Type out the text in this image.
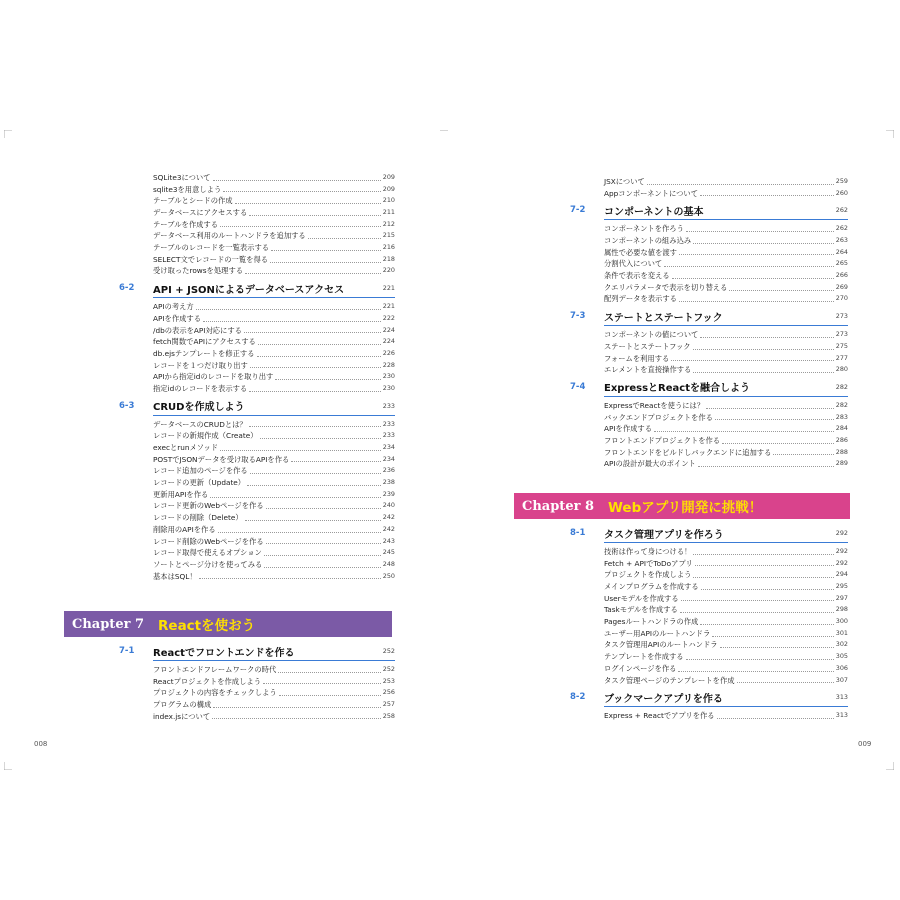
SQLite3について	209
sqlite3を用意しよう	209
テーブルとシードの作成	210
データベースにアクセスする	211
テーブルを作成する	212
データベース利用のルートハンドラを追加する	215
テーブルのレコードを一覧表示する	216
SELECT文でレコードの一覧を得る	218
受け取ったrowsを処理する	220
6-2	API + JSONによるデータベースアクセス	221
APIの考え方	221
APIを作成する	222
/dbの表示をAPI対応にする	224
fetch関数でAPIにアクセスする	224
db.ejsテンプレートを修正する	226
レコードを１つだけ取り出す	228
APIから指定idのレコードを取り出す	230
指定idのレコードを表示する	230
6-3	CRUDを作成しよう	233
データベースのCRUDとは？	233
レコードの新規作成（Create）	233
execとrunメソッド	234
POSTでJSONデータを受け取るAPIを作る	234
レコード追加のページを作る	236
レコードの更新（Update）	238
更新用APIを作る	239
レコード更新のWebページを作る	240
レコードの削除（Delete）	242
削除用のAPIを作る	242
レコード削除のWebページを作る	243
レコード取得で使えるオプション	245
ソートとページ分けを使ってみる	248
基本はSQL！	250
Chapter 7	Reactを使おう
7-1	Reactでフロントエンドを作る	252
フロントエンドフレームワークの時代	252
Reactプロジェクトを作成しよう	253
プロジェクトの内容をチェックしよう	256
プログラムの構成	257
index.jsについて	258
008
JSXについて	259
Appコンポーネントについて	260
7-2	コンポーネントの基本	262
コンポーネントを作ろう	262
コンポーネントの組み込み	263
属性で必要な値を渡す	264
分割代入について	265
条件で表示を変える	266
クエリパラメータで表示を切り替える	269
配列データを表示する	270
7-3	ステートとステートフック	273
コンポーネントの値について	273
ステートとステートフック	275
フォームを利用する	277
エレメントを直接操作する	280
7-4	ExpressとReactを融合しよう	282
ExpressでReactを使うには？	282
バックエンドプロジェクトを作る	283
APIを作成する	284
フロントエンドプロジェクトを作る	286
フロントエンドをビルドしバックエンドに追加する	288
APIの設計が最大のポイント	289
Chapter 8	Webアプリ開発に挑戦！
8-1	タスク管理アプリを作ろう	292
技術は作って身につける！	292
Fetch + APIでToDoアプリ	292
プロジェクトを作成しよう	294
メインプログラムを作成する	295
Userモデルを作成する	297
Taskモデルを作成する	298
Pagesルートハンドラの作成	300
ユーザー用APIのルートハンドラ	301
タスク管理用APIのルートハンドラ	302
テンプレートを作成する	305
ログインページを作る	306
タスク管理ページのテンプレートを作成	307
8-2	ブックマークアプリを作る	313
Express + Reactでアプリを作る	313
009
